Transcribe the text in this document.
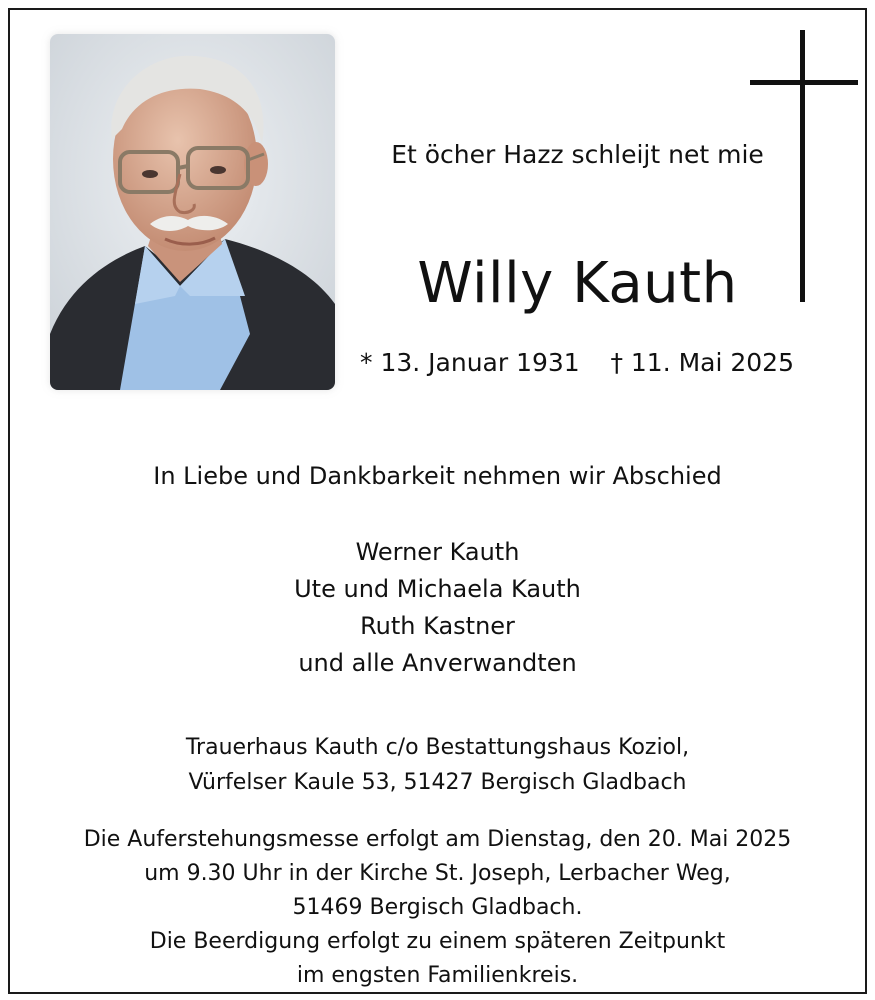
Et öcher Hazz schleijt net mie
Willy Kauth
* 13. Januar 1931 † 11. Mai 2025
In Liebe und Dankbarkeit nehmen wir Abschied
Werner Kauth
Ute und Michaela Kauth
Ruth Kastner
und alle Anverwandten
Trauerhaus Kauth c/o Bestattungshaus Koziol,
Vürfelser Kaule 53, 51427 Bergisch Gladbach
Die Auferstehungsmesse erfolgt am Dienstag, den 20. Mai 2025
um 9.30 Uhr in der Kirche St. Joseph, Lerbacher Weg,
51469 Bergisch Gladbach.
Die Beerdigung erfolgt zu einem späteren Zeitpunkt
im engsten Familienkreis.
